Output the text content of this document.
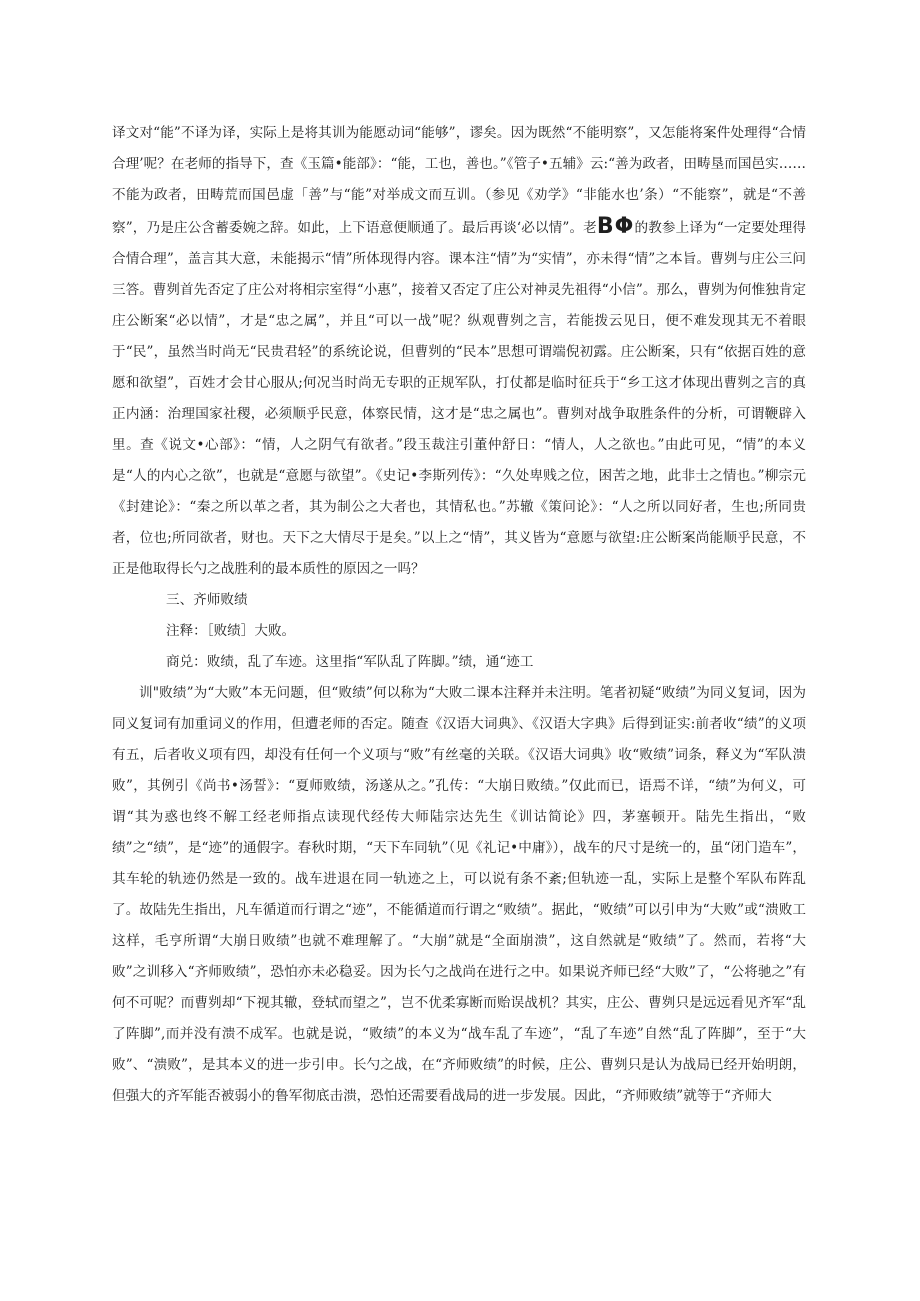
译文对“能”不译为译，实际上是将其训为能愿动词“能够”，谬矣。因为既然“不能明察”，又怎能将案件处理得“合情合理’呢？在老师的指导下，查《玉篇•能部》：“能，工也，善也。”《管子•五辅》云:“善为政者，田畴垦而国邑实……不能为政者，田畴荒而国邑虚「善”与“能”对举成文而互训。（参见《劝学》“非能水也’条）“不能察”，就是“不善察”，乃是庄公含蓄委婉之辞。如此，上下语意便顺通了。最后再谈‘必以情”。老BΦ的教参上译为“一定要处理得合情合理”，盖言其大意，未能揭示“情”所体现得内容。课本注“情”为“实情”，亦未得“情”之本旨。曹刿与庄公三问三答。曹刿首先否定了庄公对将相宗室得“小惠”，接着又否定了庄公对神灵先祖得“小信”。那么，曹刿为何惟独肯定庄公断案“必以情”，才是“忠之属”，并且“可以一战”呢？纵观曹刿之言，若能拨云见日，便不难发现其无不着眼于“民”，虽然当时尚无“民贵君轻”的系统论说，但曹刿的“民本”思想可谓端倪初露。庄公断案，只有“依据百姓的意愿和欲望”，百姓才会甘心服从;何况当时尚无专职的正规军队，打仗都是临时征兵于“乡工这才体现出曹刿之言的真正内涵：治理国家社稷，必须顺乎民意，体察民情，这才是“忠之属也”。曹刿对战争取胜条件的分析，可谓鞭辟入里。查《说文•心部》：“情，人之阴气有欲者。”段玉裁注引董仲舒日：“情人，人之欲也。”由此可见，“情”的本义是“人的内心之欲”，也就是“意愿与欲望”。《史记•李斯列传》：“久处卑贱之位，困苦之地，此非士之情也。”柳宗元《封建论》：“秦之所以革之者，其为制公之大者也，其情私也。”苏辙《策问论》：“人之所以同好者，生也;所同贵者，位也;所同欲者，财也。天下之大情尽于是矣。”以上之“情”，其义皆为“意愿与欲望:庄公断案尚能顺乎民意，不正是他取得长勺之战胜利的最本质性的原因之一吗？

三、齐师败绩

注释：［败绩］大败。

商兑：败绩，乱了车迹。这里指“军队乱了阵脚。”绩，通“迹工

训"败绩”为“大败”本无问题，但“败绩”何以称为“大败二课本注释并未注明。笔者初疑“败绩”为同义复词，因为同义复词有加重词义的作用，但遭老师的否定。随查《汉语大词典》、《汉语大字典》后得到证实:前者收“绩”的义项有五，后者收义项有四，却没有任何一个义项与“败”有丝毫的关联。《汉语大词典》收“败绩”词条，释义为“军队溃败”，其例引《尚书•汤誓》：“夏师败绩，汤遂从之。”孔传：“大崩日败绩。”仅此而已，语焉不详，“绩”为何义，可谓“其为惑也终不解工经老师指点读现代经传大师陆宗达先生《训诂简论》四，茅塞顿开。陆先生指出，“败绩”之“绩”，是“迹”的通假字。春秋时期，“天下车同轨”（见《礼记•中庸》），战车的尺寸是统一的，虽“闭门造车”，其车轮的轨迹仍然是一致的。战车进退在同一轨迹之上，可以说有条不紊;但轨迹一乱，实际上是整个军队布阵乱了。故陆先生指出，凡车循道而行谓之“迹”，不能循道而行谓之“败绩”。据此，“败绩”可以引申为“大败”或“溃败工这样，毛亨所谓“大崩日败绩”也就不难理解了。“大崩”就是“全面崩溃”，这自然就是“败绩”了。然而，若将“大败”之训移入“齐师败绩”，恐怕亦未必稳妥。因为长勺之战尚在进行之中。如果说齐师已经“大败”了，“公将驰之”有何不可呢？而曹刿却“下视其辙，登轼而望之”，岂不优柔寡断而贻误战机？其实，庄公、曹刿只是远远看见齐军“乱了阵脚”,而并没有溃不成军。也就是说，“败绩”的本义为“战车乱了车迹”，“乱了车迹”自然“乱了阵脚”，至于“大败”、“溃败”，是其本义的进一步引申。长勺之战，在“齐师败绩”的时候，庄公、曹刿只是认为战局已经开始明朗，但强大的齐军能否被弱小的鲁军彻底击溃，恐怕还需要看战局的进一步发展。因此，“齐师败绩”就等于“齐师大
